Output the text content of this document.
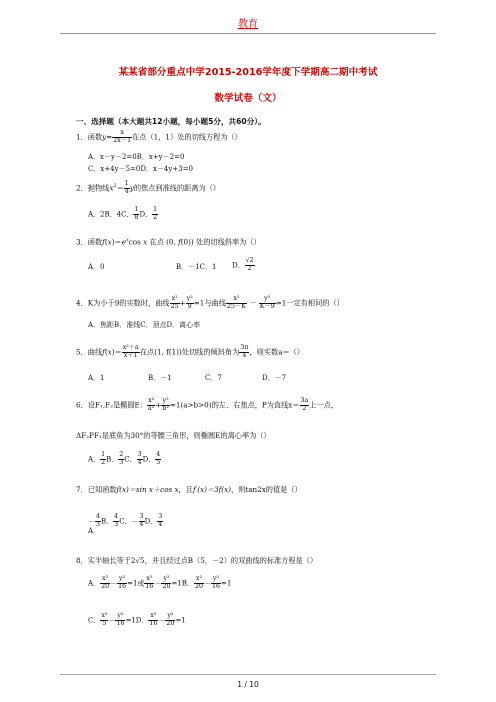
教育
某某省部分重点中学2015-2016学年度下学期高二期中考试
数学试卷（文）
一、选择题（本大题共12小题，每小题5分，共60分）。
1．函数$y= \frac{x}{2x-1}$ 在点（1，1）处的切线方程为（）
A．x－y－2=0B．x+y－2=0
C．x+4y－5=0D．x－4y+3=0
2．抛物线$x^2= \frac{1}{4}$ y的焦点到准线的距离为（）
A．2B．4C． $\frac{1}{8}$ D． $\frac{1}{2}$
3．函数$f(x)=e^x\cos$ x 在点 (0, f(0)) 处的切线斜率为（）
A．0	B．－1C．1 D． $\frac{√2}{2}$
4．K为小于9的实数时，曲线 $\frac{\text{x²}}{25} + \frac{\text{y²}}{9} =1$与曲线 $\frac{\text{x²}}{25-K} - \frac{\text{y²}}{K-9} =1$一定有相同的（）
A．焦距B．准线C．顶点D．离心率
5．曲线$f(x)= \frac{\text{x²＋a}}{x+1}$ 在点(1, f(1))处切线的倾斜角为 $\frac{3\pi}{4}$ ，则实数a＝（）
A．1	B．－1	C．7	D．－7
6．设F₁,F₂是椭圆E： $\frac{\text{x²}}{\text{a²}} + \frac{\text{y²}}{\text{b²}} =1(a>b>0)$的左、右焦点，P为直线$x= \frac{3a}{2}$ 上一点，
ΔF₂PF₁是底角为30°的等腰三角形，则椭圆E的离心率为（）
A． $\frac{1}{2}$ B． $\frac{2}{3}$ C． $\frac{3}{4}$ D． $\frac{4}{5}$
7．已知函数f(x)＝sin x＋cos x，且f′(x)＝3f(x)，则tan2x的值是（）
－ $\frac{4}{3}$ B． $\frac{4}{3}$ C．－ $\frac{3}{4}$ D． $\frac{3}{4}$
A．
8．实半轴长等于2√5，并且经过点B（5，－2）的双曲线的标准方程是（）
A． $\frac{\text{x²}}{20} - \frac{\text{y²}}{16} =1$或 $\frac{\text{x²}}{16} - \frac{\text{y²}}{20} =1B$． $\frac{\text{x²}}{20} - \frac{\text{y²}}{16} =1$
C． $\frac{\text{x²}}{5} - \frac{\text{y²}}{16} =1D$． $\frac{\text{x²}}{16} - \frac{\text{y²}}{20} =1$
1 / 10
